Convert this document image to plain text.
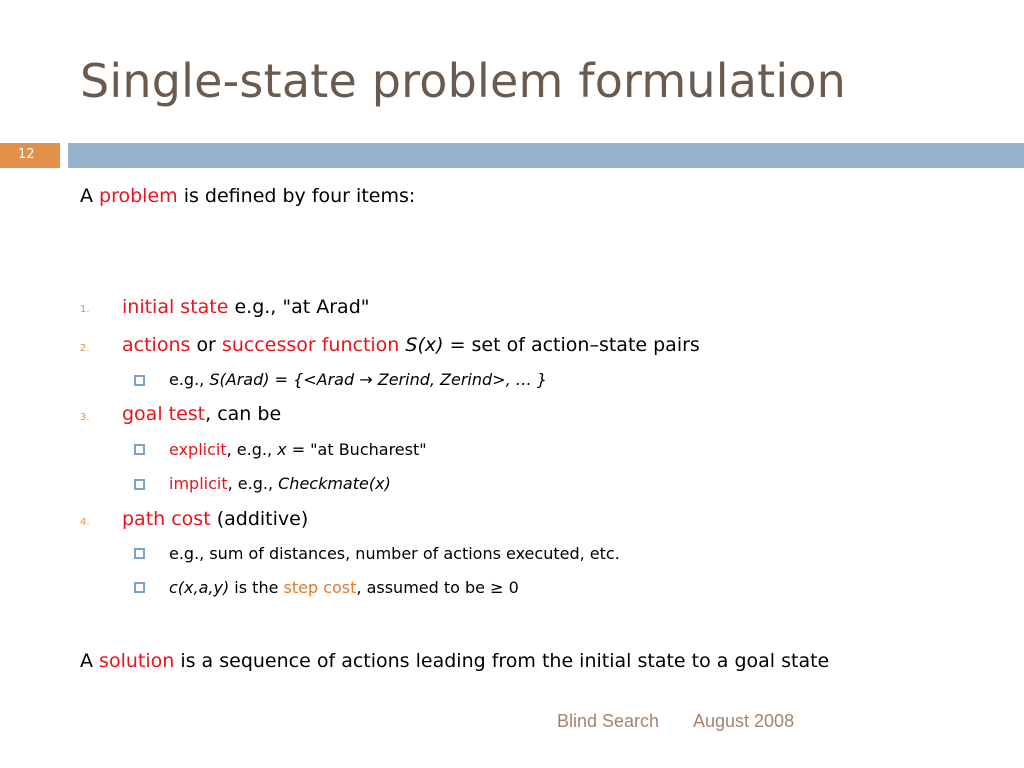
Single-state problem formulation
12
A problem is defined by four items:
1. initial state e.g., "at Arad"
2. actions or successor function S(x) = set of action–state pairs
e.g., S(Arad) = {<Arad → Zerind, Zerind>, … }
3. goal test, can be
explicit, e.g., x = "at Bucharest"
implicit, e.g., Checkmate(x)
4. path cost (additive)
e.g., sum of distances, number of actions executed, etc.
c(x,a,y) is the step cost, assumed to be ≥ 0
A solution is a sequence of actions leading from the initial state to a goal state
Blind Search August 2008
